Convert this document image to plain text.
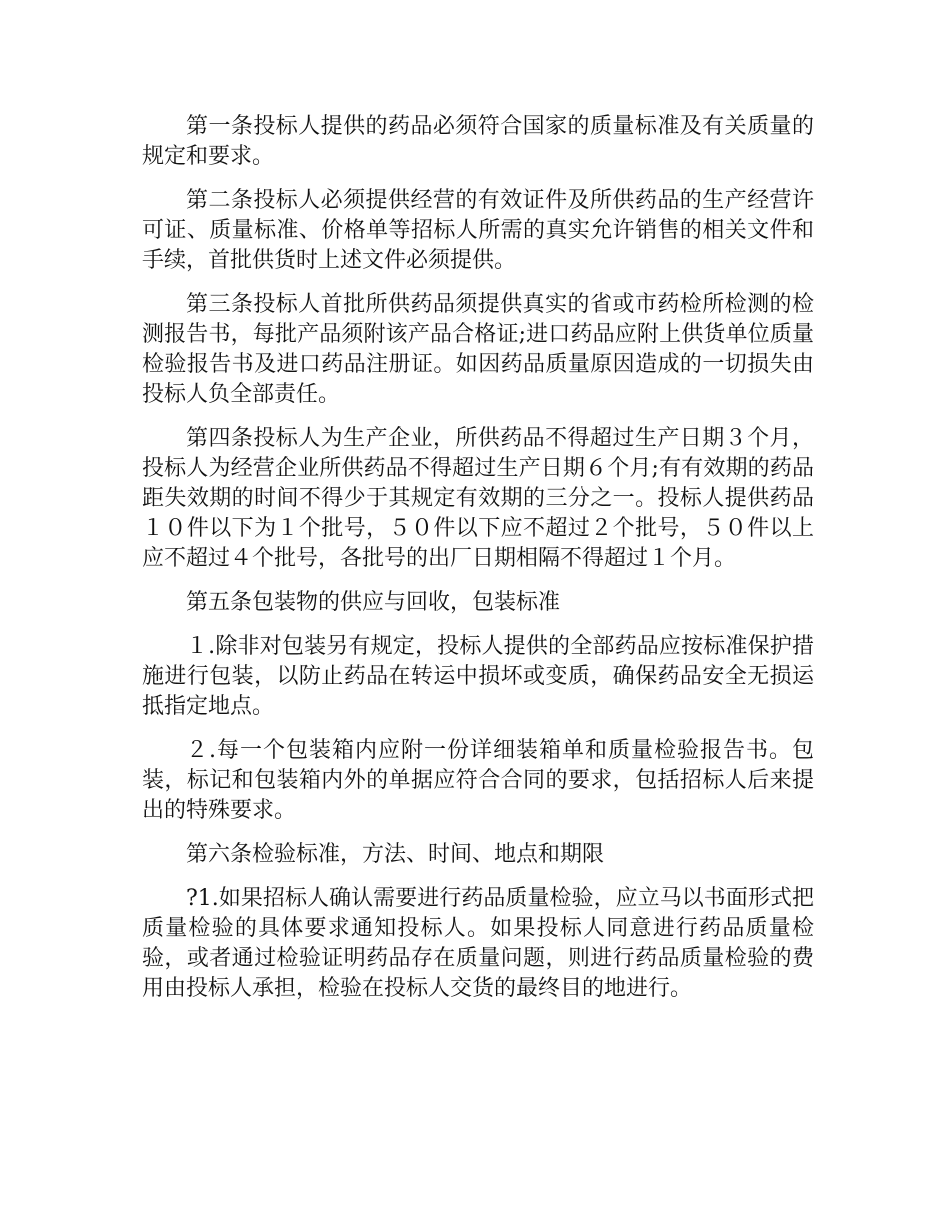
第一条投标人提供的药品必须符合国家的质量标准及有关质量的规定和要求。

第二条投标人必须提供经营的有效证件及所供药品的生产经营许可证、质量标准、价格单等招标人所需的真实允许销售的相关文件和手续，首批供货时上述文件必须提供。

第三条投标人首批所供药品须提供真实的省或市药检所检测的检测报告书，每批产品须附该产品合格证;进口药品应附上供货单位质量检验报告书及进口药品注册证。如因药品质量原因造成的一切损失由投标人负全部责任。

第四条投标人为生产企业，所供药品不得超过生产日期３个月，投标人为经营企业所供药品不得超过生产日期６个月;有有效期的药品距失效期的时间不得少于其规定有效期的三分之一。投标人提供药品１０件以下为１个批号，５０件以下应不超过２个批号，５０件以上应不超过４个批号，各批号的出厂日期相隔不得超过１个月。

第五条包装物的供应与回收，包装标准

１.除非对包装另有规定，投标人提供的全部药品应按标准保护措施进行包装，以防止药品在转运中损坏或变质，确保药品安全无损运抵指定地点。

２.每一个包装箱内应附一份详细装箱单和质量检验报告书。包装，标记和包装箱内外的单据应符合合同的要求，包括招标人后来提出的特殊要求。

第六条检验标准，方法、时间、地点和期限

?1.如果招标人确认需要进行药品质量检验，应立马以书面形式把质量检验的具体要求通知投标人。如果投标人同意进行药品质量检验，或者通过检验证明药品存在质量问题，则进行药品质量检验的费用由投标人承担，检验在投标人交货的最终目的地进行。
